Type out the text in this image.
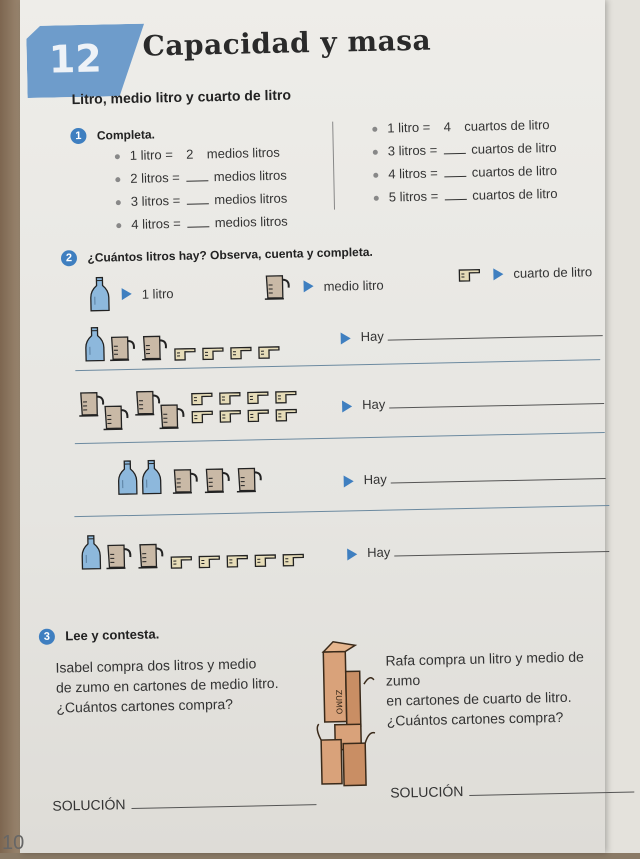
12 Capacidad y masa
Litro, medio litro y cuarto de litro
1 Completa.
1 litro = 2 medios litros
2 litros =	medios litros
3 litros =	medios litros
4 litros =	medios litros
1 litro = 4 cuartos de litro
3 litros =	cuartos de litro
4 litros =	cuartos de litro
5 litros =	cuartos de litro
2 ¿Cuántos litros hay? Observa, cuenta y completa.
1 litro	medio litro
cuarto de litro
Hay
Hay
Hay
Hay
3 Lee y contesta.
Isabel compra dos litros y medio
de zumo en cartones de medio litro.
¿Cuántos cartones compra?	ZUMO
Rafa compra un litro y medio de zumo
en cartones de cuarto de litro.
¿Cuántos cartones compra?
SOLUCIÓN
SOLUCIÓN
10
